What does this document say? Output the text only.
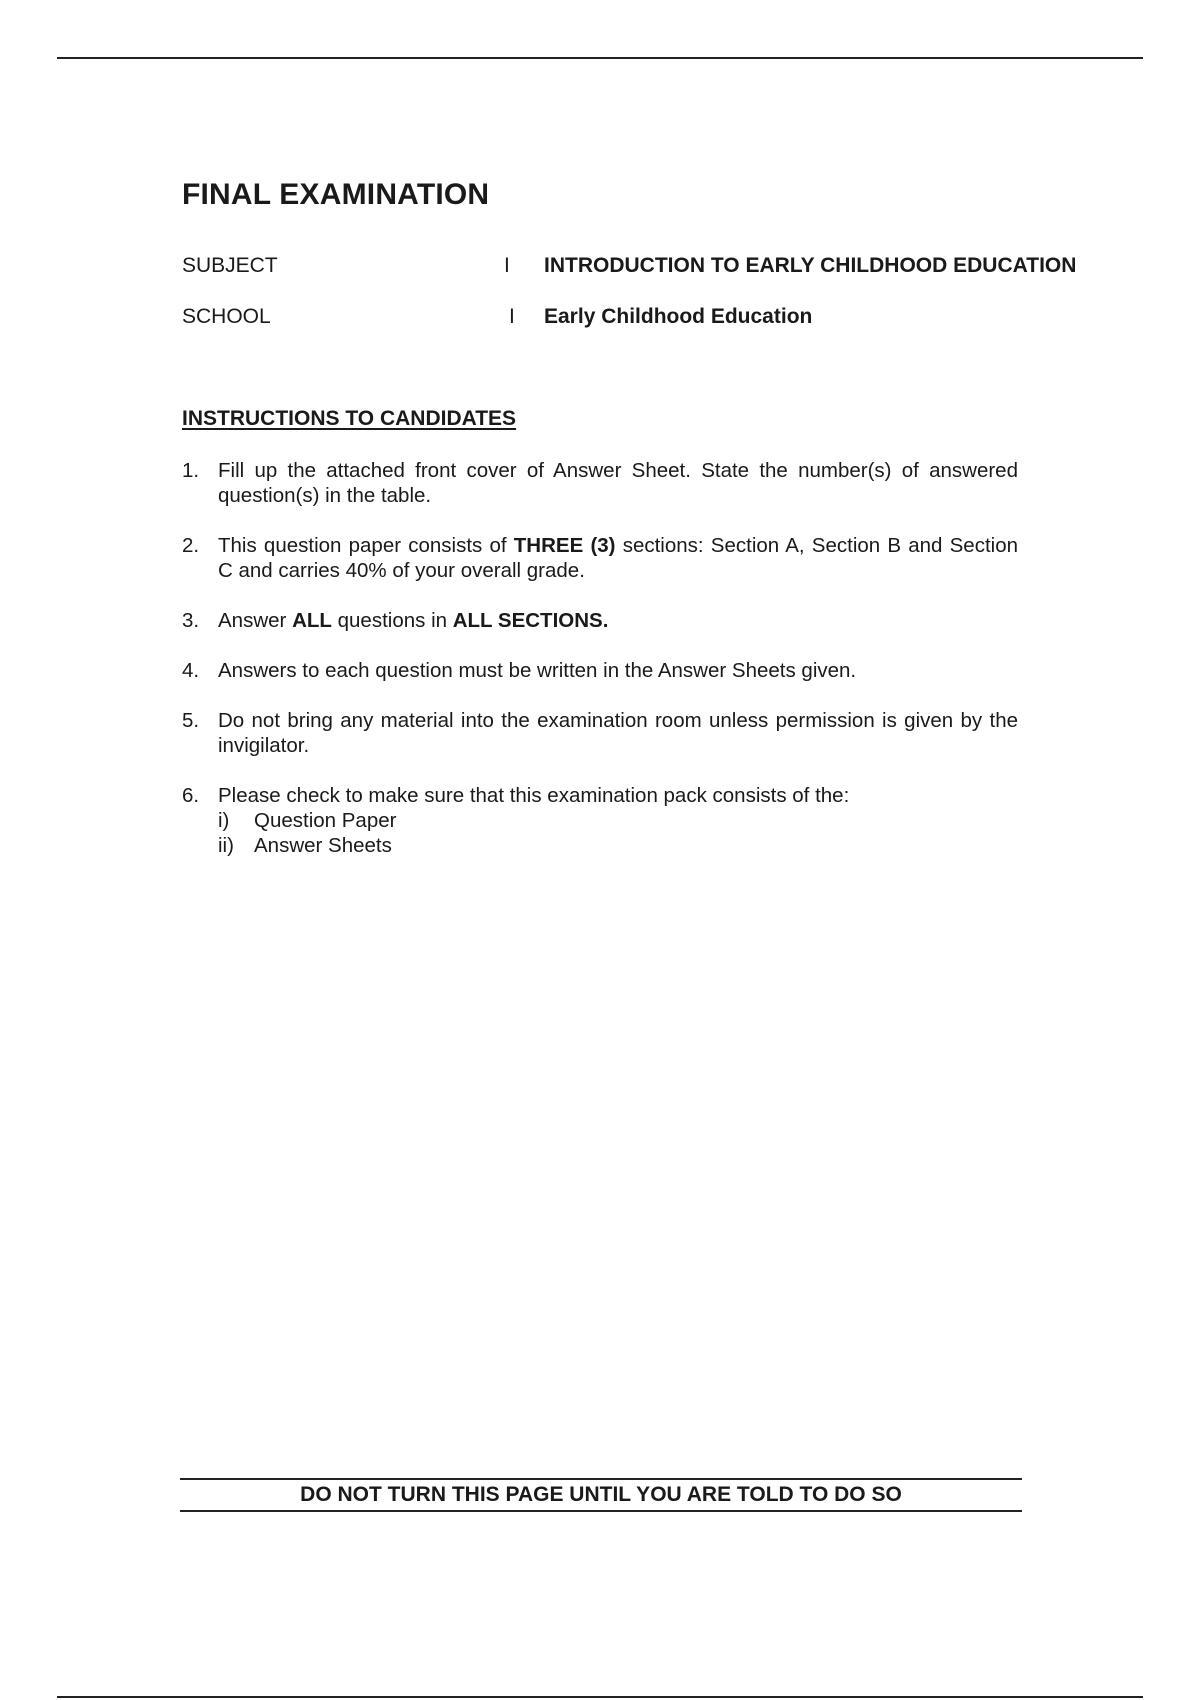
FINAL EXAMINATION
SUBJECT	I INTRODUCTION TO EARLY CHILDHOOD EDUCATION
SCHOOL	I Early Childhood Education
INSTRUCTIONS TO CANDIDATES
1. Fill up the attached front cover of Answer Sheet. State the number(s) of answered question(s) in the table.
2. This question paper consists of THREE (3) sections: Section A, Section B and Section C and carries 40% of your overall grade.
3. Answer ALL questions in ALL SECTIONS.
4. Answers to each question must be written in the Answer Sheets given.
5. Do not bring any material into the examination room unless permission is given by the invigilator.
6. Please check to make sure that this examination pack consists of the:
i) Question Paper
ii) Answer Sheets
DO NOT TURN THIS PAGE UNTIL YOU ARE TOLD TO DO SO
